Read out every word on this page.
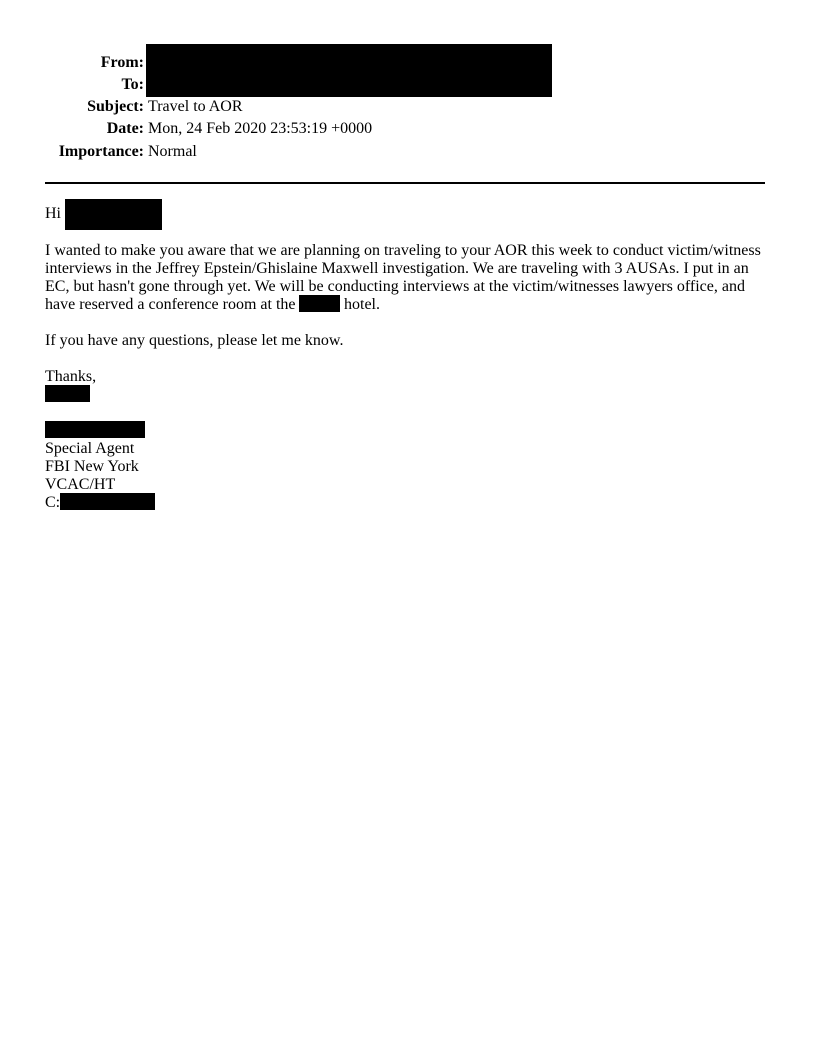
From:
To:
Subject: Travel to AOR
Date: Mon, 24 Feb 2020 23:53:19 +0000
Importance: Normal
Hi
I wanted to make you aware that we are planning on traveling to your AOR this week to conduct victim/witness
interviews in the Jeffrey Epstein/Ghislaine Maxwell investigation. We are traveling with 3 AUSAs. I put in an
EC, but hasn't gone through yet. We will be conducting interviews at the victim/witnesses lawyers office, and
have reserved a conference room at the	hotel.
If you have any questions, please let me know.
Thanks,
Special Agent
FBI New York
VCAC/HT
C:
